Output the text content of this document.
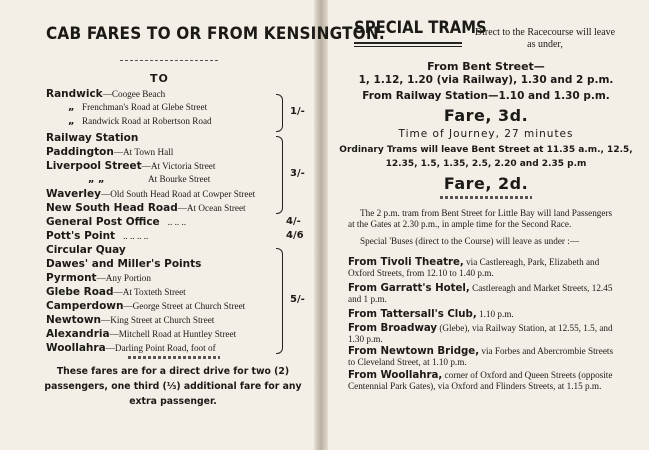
CAB FARES TO OR FROM KENSINGTON.
TO
Randwick—Coogee Beach
„ Frenchman's Road at Glebe Street
„ Randwick Road at Robertson Road
Railway Station
Paddington—At Town Hall
Liverpool Street—At Victoria Street
„ „	At Bourke Street
Waverley—Old South Head Road at Cowper Street
New South Head Road—At Ocean Street
General Post Office .. .. ..
Pott's Point .. .. .. ..
Circular Quay
Dawes' and Miller's Points
Pyrmont—Any Portion
Glebe Road—At Toxteth Street
Camperdown—George Street at Church Street
Newtown—King Street at Church Street
Alexandria—Mitchell Road at Huntley Street
Woollahra—Darling Point Road, foot of
1/-
3/-
4/-
4/6
5/-
These fares are for a direct drive for two (2) passengers, one third (⅓) additional fare for any extra passenger.
SPECIAL TRAMS
Direct to the Racecourse will leave as under,
From Bent Street—
1, 1.12, 1.20 (via Railway), 1.30 and 2 p.m.
From Railway Station—1.10 and 1.30 p.m.
Fare, 3d.
Time of Journey, 27 minutes
Ordinary Trams will leave Bent Street at 11.35 a.m., 12.5,
12.35, 1.5, 1.35, 2.5, 2.20 and 2.35 p.m
Fare, 2d.
The 2 p.m. tram from Bent Street for Little Bay will land Passengers at the Gates at 2.30 p.m., in ample time for the Second Race.
Special 'Buses (direct to the Course) will leave as under :—
From Tivoli Theatre, via Castlereagh, Park, Elizabeth and Oxford Streets, from 12.10 to 1.40 p.m.
From Garratt's Hotel, Castlereagh and Market Streets, 12.45 and 1 p.m.
From Tattersall's Club, 1.10 p.m.
From Broadway (Glebe), via Railway Station, at 12.55, 1.5, and 1.30 p.m.
From Newtown Bridge, via Forbes and Abercrombie Streets to Cleveland Street, at 1.10 p.m.
From Woollahra, corner of Oxford and Queen Streets (opposite Centennial Park Gates), via Oxford and Flinders Streets, at 1.15 p.m.
